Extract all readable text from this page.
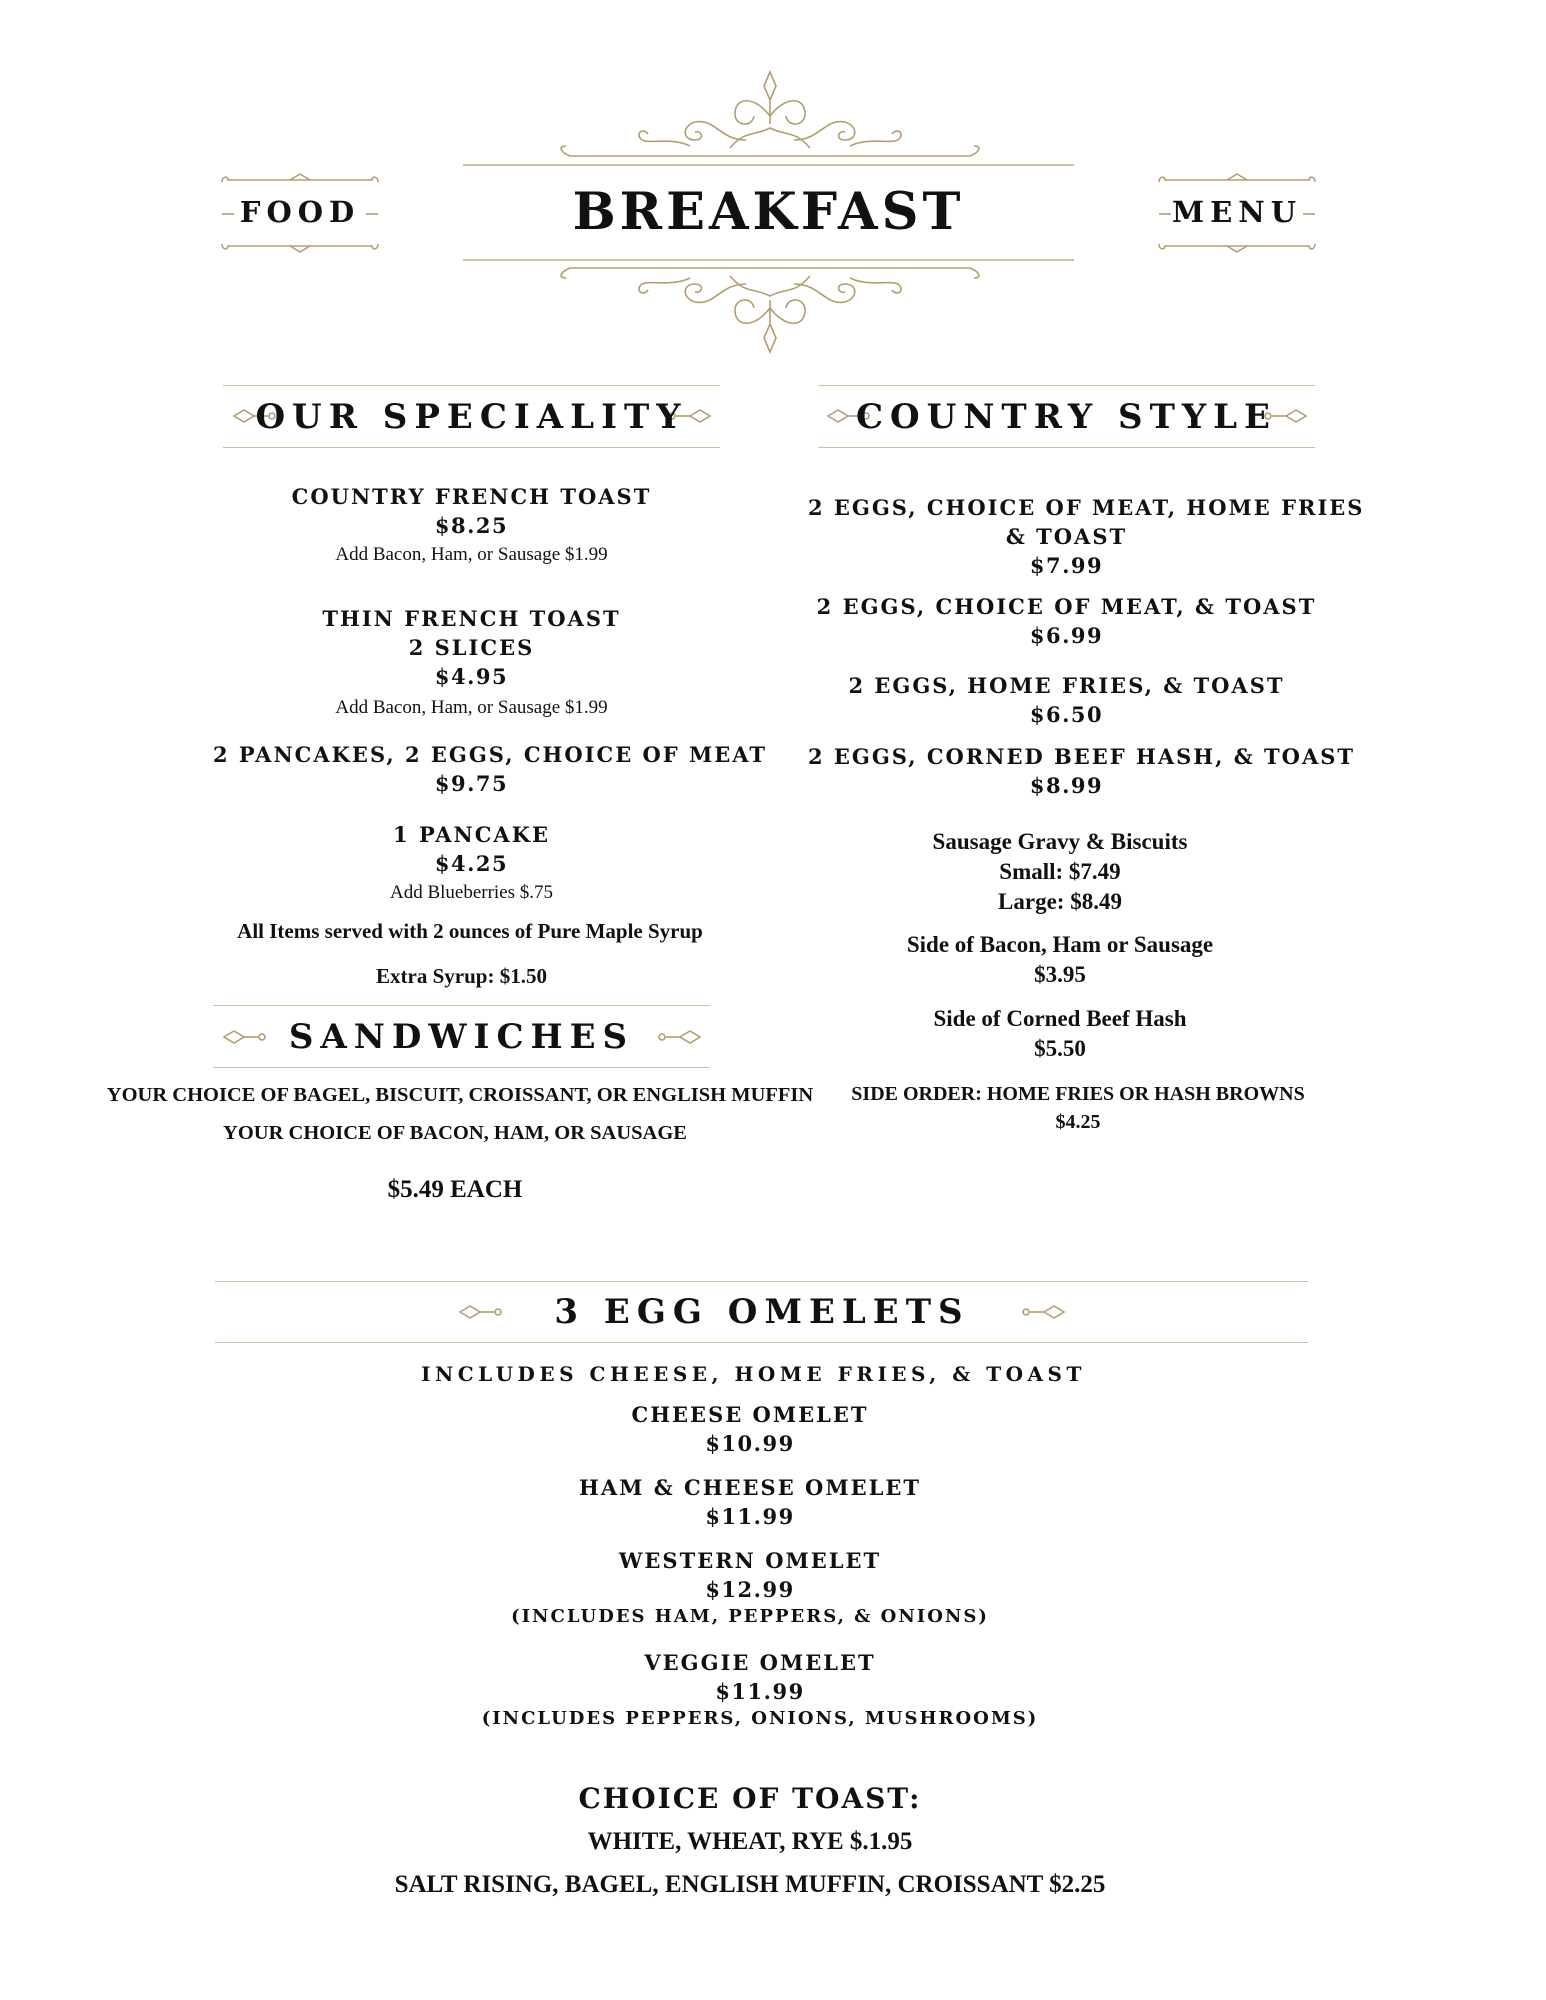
BREAKFAST
FOOD	MENU
OUR SPECIALITY
COUNTRY FRENCH TOAST
$8.25
Add Bacon, Ham, or Sausage $1.99
THIN FRENCH TOAST
2 SLICES
$4.95
Add Bacon, Ham, or Sausage $1.99
2 PANCAKES, 2 EGGS, CHOICE OF MEAT
$9.75
1 PANCAKE
$4.25
Add Blueberries $.75
All Items served with 2 ounces of Pure Maple Syrup
Extra Syrup: $1.50
SANDWICHES
YOUR CHOICE OF BAGEL, BISCUIT, CROISSANT, OR ENGLISH MUFFIN
YOUR CHOICE OF BACON, HAM, OR SAUSAGE
$5.49 EACH
COUNTRY STYLE
2 EGGS, CHOICE OF MEAT, HOME FRIES
& TOAST
$7.99
2 EGGS, CHOICE OF MEAT, & TOAST
$6.99
2 EGGS, HOME FRIES, & TOAST
$6.50
2 EGGS, CORNED BEEF HASH, & TOAST
$8.99
Sausage Gravy & Biscuits
Small: $7.49
Large: $8.49
Side of Bacon, Ham or Sausage
$3.95
Side of Corned Beef Hash
$5.50
SIDE ORDER: HOME FRIES OR HASH BROWNS
$4.25
3 EGG OMELETS
INCLUDES CHEESE, HOME FRIES, & TOAST
CHEESE OMELET
$10.99
HAM & CHEESE OMELET
$11.99
WESTERN OMELET
$12.99
(INCLUDES HAM, PEPPERS, & ONIONS)
VEGGIE OMELET
$11.99
(INCLUDES PEPPERS, ONIONS, MUSHROOMS)
CHOICE OF TOAST:
WHITE, WHEAT, RYE $.1.95
SALT RISING, BAGEL, ENGLISH MUFFIN, CROISSANT $2.25
